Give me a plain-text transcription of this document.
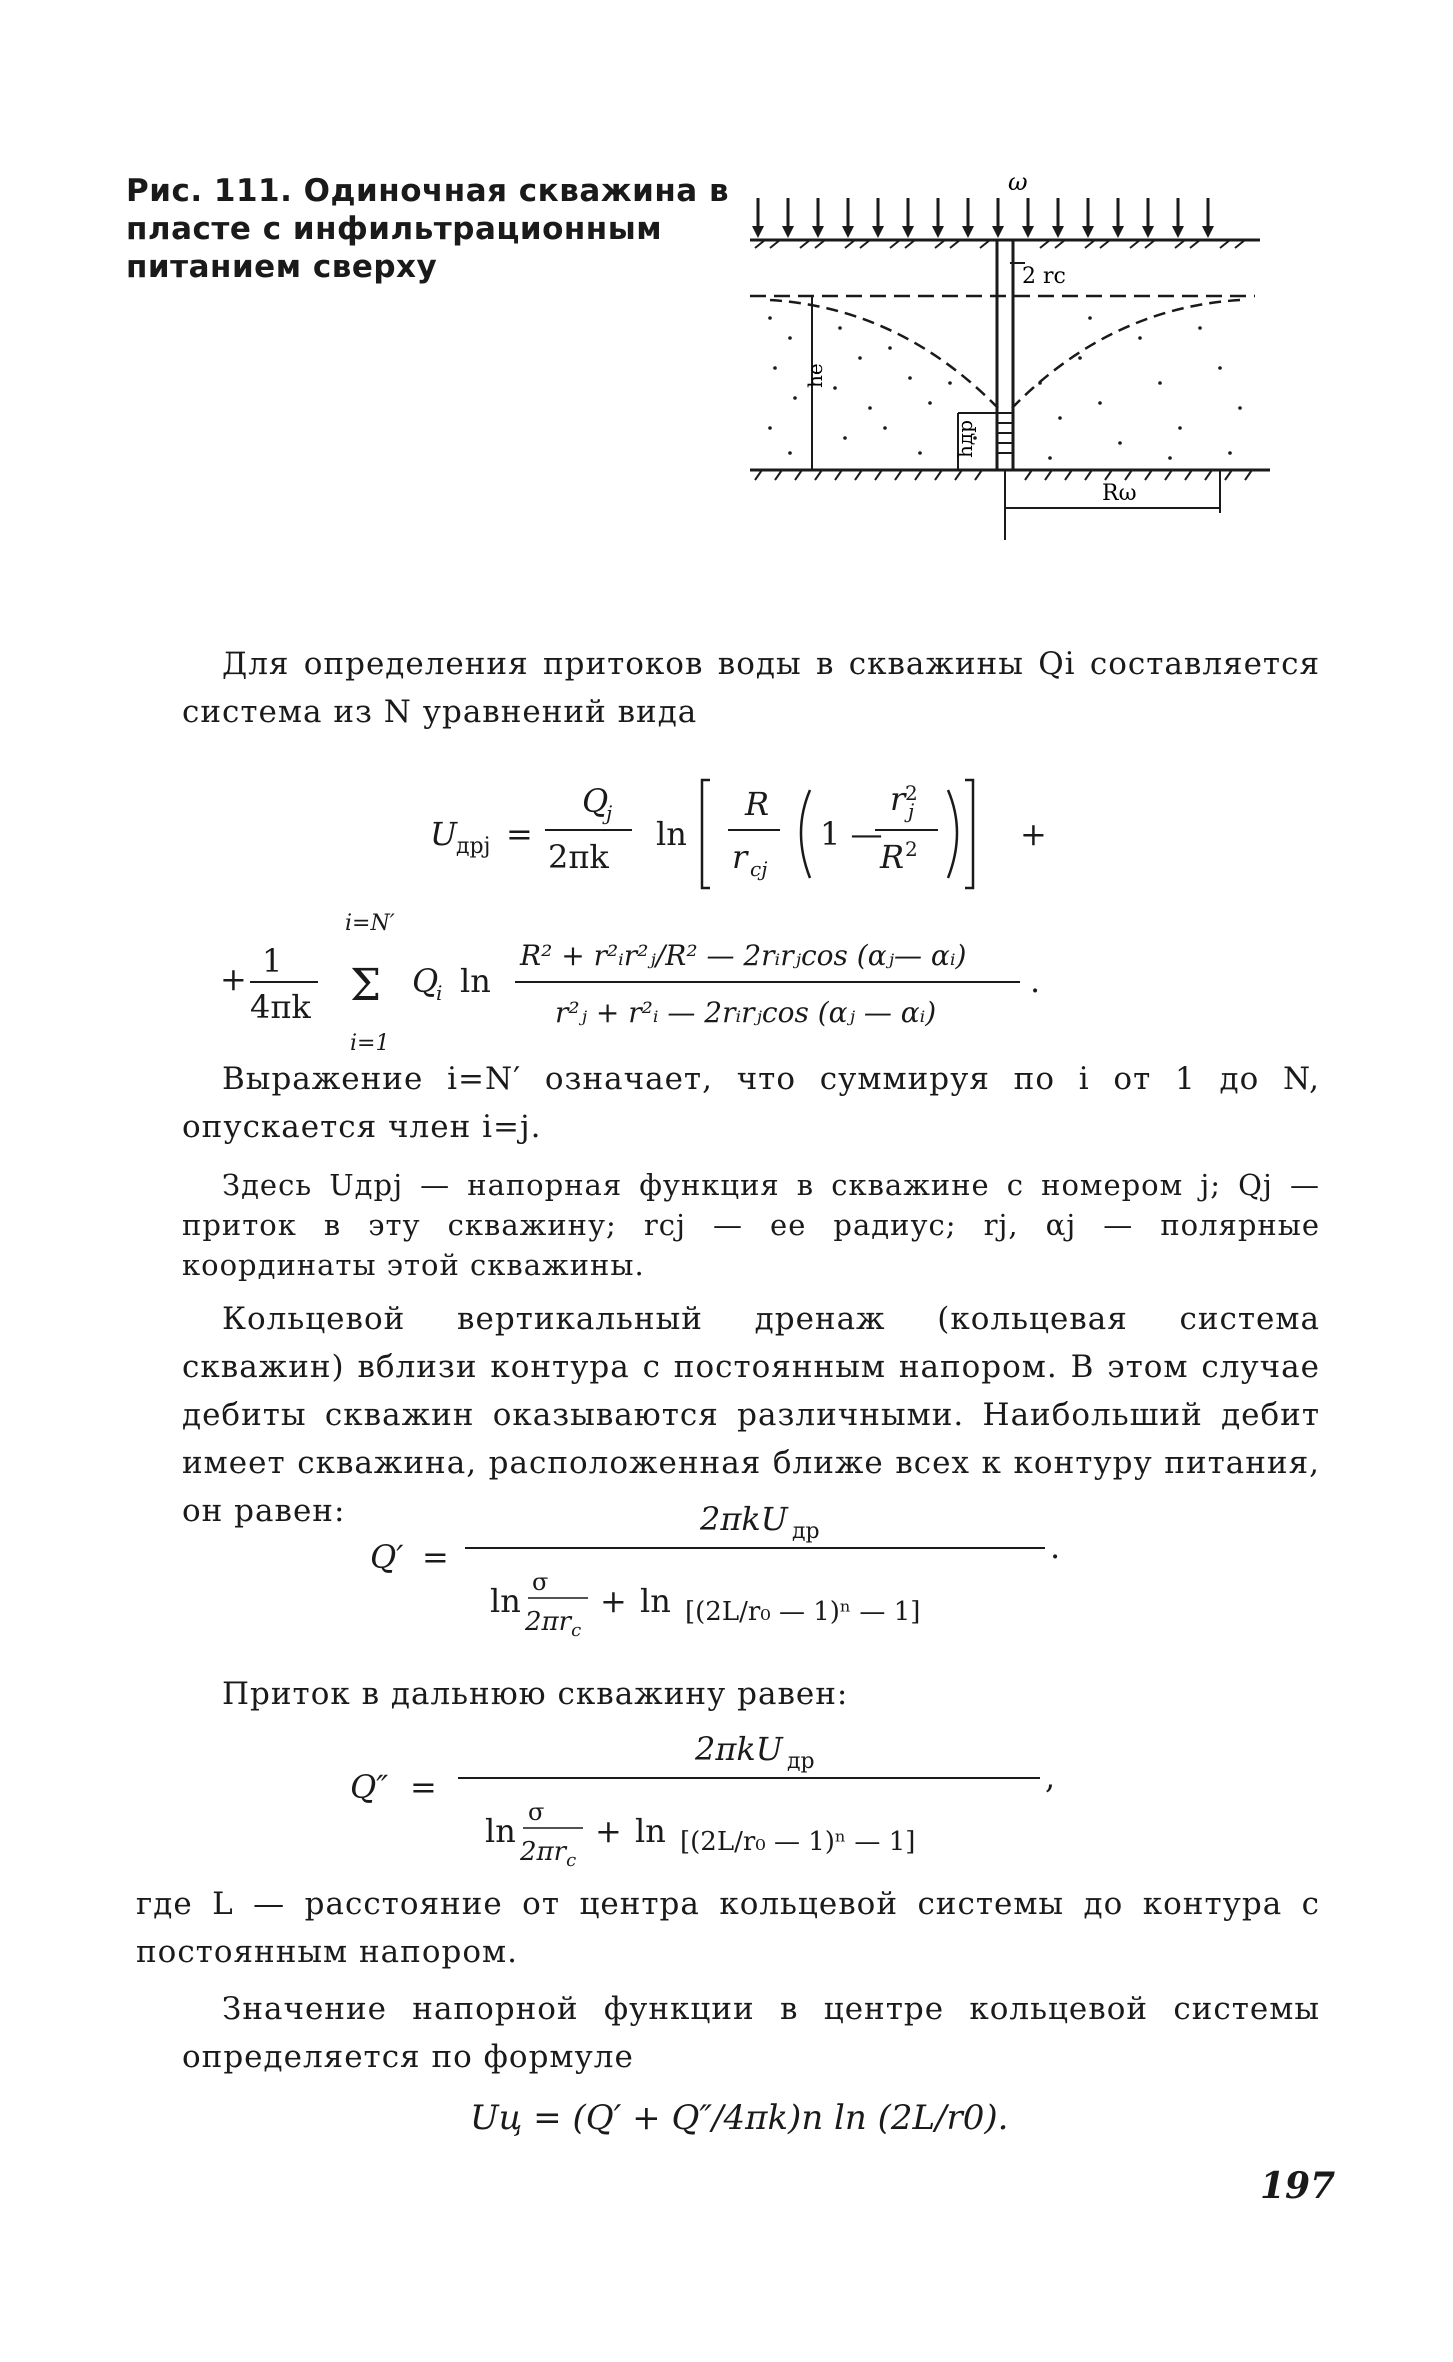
Рис. 111. Одиночная скважина в пласте с инфильтрационным питанием сверху
ω
2 rc
he
hдр
Rω
Для определения притоков воды в скважины Qi составляется система из N уравнений вида
U дрj =
Q
j
2πk
ln
R
r cj
1 —
r 2
j
R 2	+
i=N′
+ 1
4πk Σ
i=1
Q
i ln
R² + r²ᵢr²ⱼ/R² — 2rᵢrⱼcos (αⱼ— αᵢ)
r²ⱼ + r²ᵢ — 2rᵢrⱼcos (αⱼ — αᵢ)
.
Выражение i=N′ означает, что суммируя по i от 1 до N, опускается член i=j.
Здесь Uдрj — напорная функция в скважине с номером j; Qj — приток в эту скважину; rcj — ее радиус; rj, αj — полярные координаты этой скважины.
Кольцевой вертикальный дренаж (кольцевая система скважин) вблизи контура с постоянным напором. В этом случае дебиты скважин оказываются различными. Наибольший дебит имеет скважина, расположенная ближе всех к контуру питания, он равен:
Q′ =
2πkU др
ln σ
$2\pi r_c$
+ ln [(2L/r₀ — 1)ⁿ — 1]
.
Приток в дальнюю скважину равен:
Q″ =
2πkU др
ln σ
$2\pi r_c$
+ ln [(2L/r₀ — 1)ⁿ — 1]
,
где L — расстояние от центра кольцевой системы до контура с постоянным напором.
Значение напорной функции в центре кольцевой системы определяется по формуле
Uц = (Q′ + Q″/4πk)n ln (2L/r0).
197
